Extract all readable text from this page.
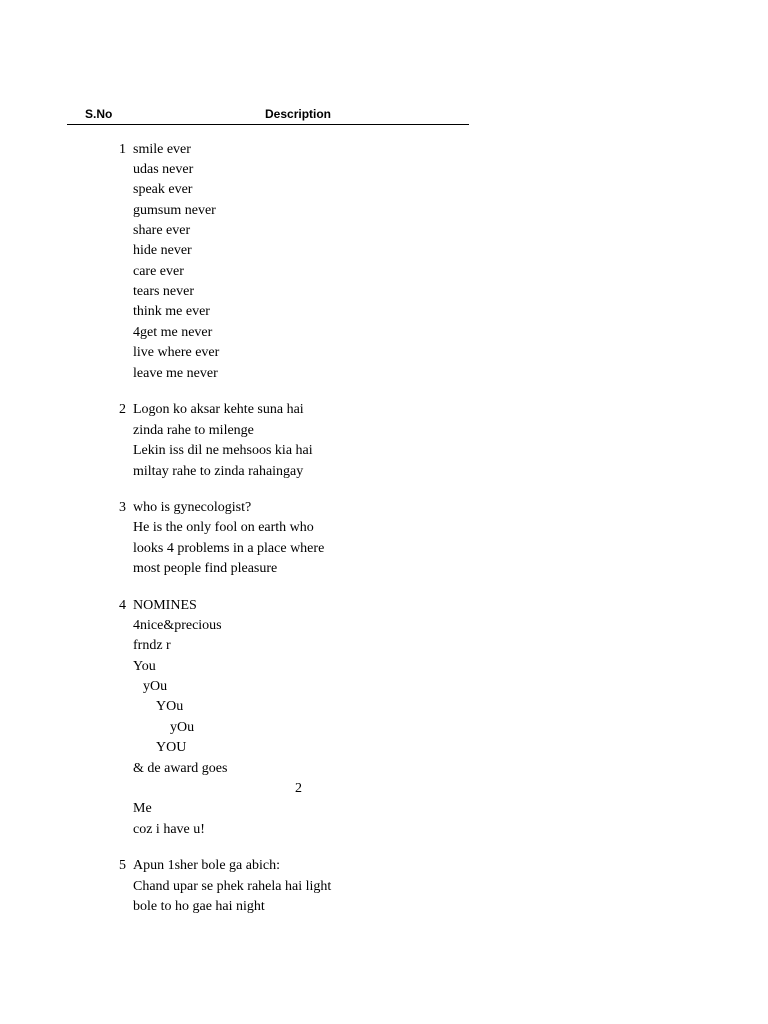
S.No	Description
1 smile ever
udas never
speak ever
gumsum never
share ever
hide never
care ever
tears never
think me ever
4get me never
live where ever
leave me never
2 Logon ko aksar kehte suna hai
zinda rahe to milenge
Lekin iss dil ne mehsoos kia hai
miltay rahe to zinda rahaingay
3 who is gynecologist?
He is the only fool on earth who
looks 4 problems in a place where
most people find pleasure
4 NOMINES
4nice&precious
frndz r
You
yOu
YOu
yOu
YOU
& de award goes
2
Me
coz i have u!
5 Apun 1sher bole ga abich:
Chand upar se phek rahela hai light
bole to ho gae hai night
